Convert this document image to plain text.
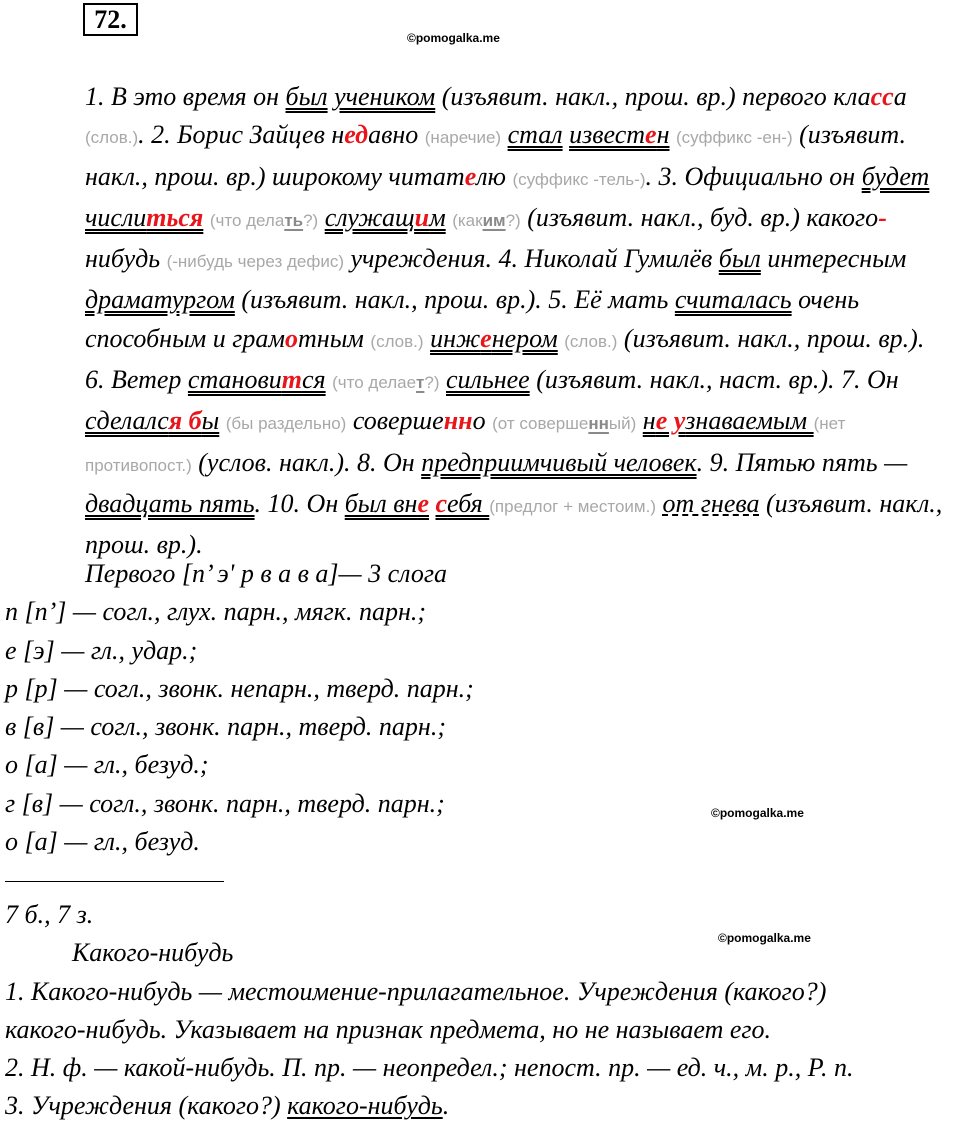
72.
©pomogalka.me

1. В это время он был учеником (изъявит. накл., прош. вр.) первого класса (слов.). 2. Борис Зайцев недавно (наречие) стал известен (суффикс -ен-) (изъявит. накл., прош. вр.) широкому читателю (суффикс -тель-). 3. Официально он будет числиться (что делать?) служащим (каким?) (изъявит. накл., буд. вр.) какого-нибудь (-нибудь через дефис) учреждения. 4. Николай Гумилёв был интересным драматургом (изъявит. накл., прош. вр.). 5. Её мать считалась очень способным и грамотным (слов.) инженером (слов.) (изъявит. накл., прош. вр.). 6. Ветер становится (что делает?) сильнее (изъявит. накл., наст. вр.). 7. Он сделался бы (бы раздельно) совершенно (от совершенный) не узнаваемым (нет противопост.) (услов. накл.). 8. Он предприимчивый человек. 9. Пятью пять — двадцать пять. 10. Он был вне себя (предлог + местоим.) от гнева (изъявит. накл., прош. вр.).

Первого [п’ э' р в а в а]— 3 слога
п [п’] — согл., глух. парн., мягк. парн.;
е [э] — гл., удар.;
р [р] — согл., звонк. непарн., тверд. парн.;
в [в] — согл., звонк. парн., тверд. парн.;
о [а] — гл., безуд.;
г [в] — согл., звонк. парн., тверд. парн.;
о [а] — гл., безуд.
©pomogalka.me
7 б., 7 з.
Какого-нибудь
1. Какого-нибудь — местоимение-прилагательное. Учреждения (какого?)
какого-нибудь. Указывает на признак предмета, но не называет его.
2. Н. ф. — какой-нибудь. П. пр. — неопредел.; непост. пр. — ед. ч., м. р., Р. п.
3. Учреждения (какого?) какого-нибудь.
©pomogalka.me
